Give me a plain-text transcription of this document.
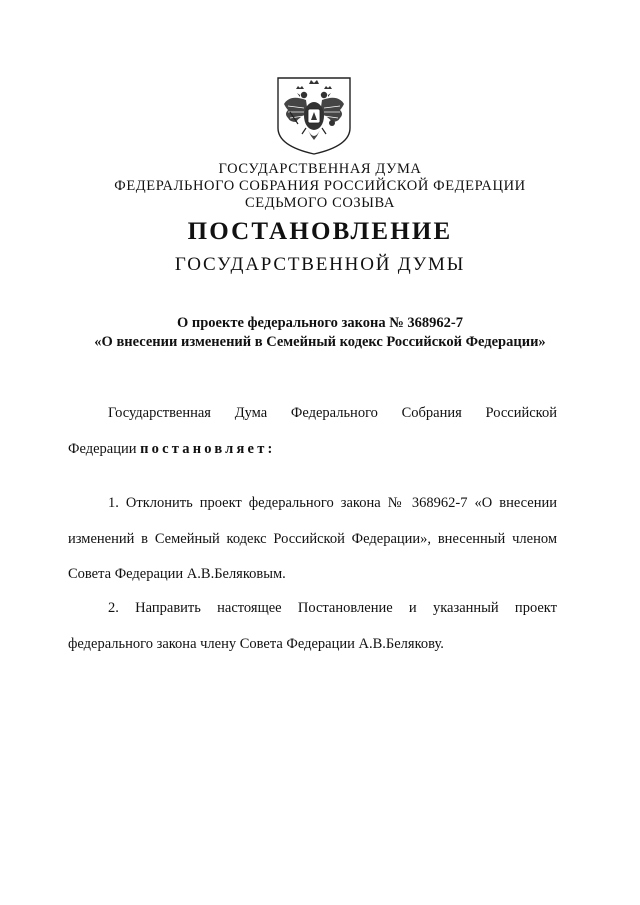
ГОСУДАРСТВЕННАЯ ДУМА
ФЕДЕРАЛЬНОГО СОБРАНИЯ РОССИЙСКОЙ ФЕДЕРАЦИИ
СЕДЬМОГО СОЗЫВА
ПОСТАНОВЛЕНИЕ
ГОСУДАРСТВЕННОЙ ДУМЫ
О проекте федерального закона № 368962-7
«О внесении изменений в Семейный кодекс Российской Федерации»
Государственная Дума Федерального Собрания Российской
Федерации постановляет:
1. Отклонить проект федерального закона № 368962-7 «О внесении
изменений в Семейный кодекс Российской Федерации», внесенный членом
Совета Федерации А.В.Беляковым.
2. Направить настоящее Постановление и указанный проект
федерального закона члену Совета Федерации А.В.Белякову.
